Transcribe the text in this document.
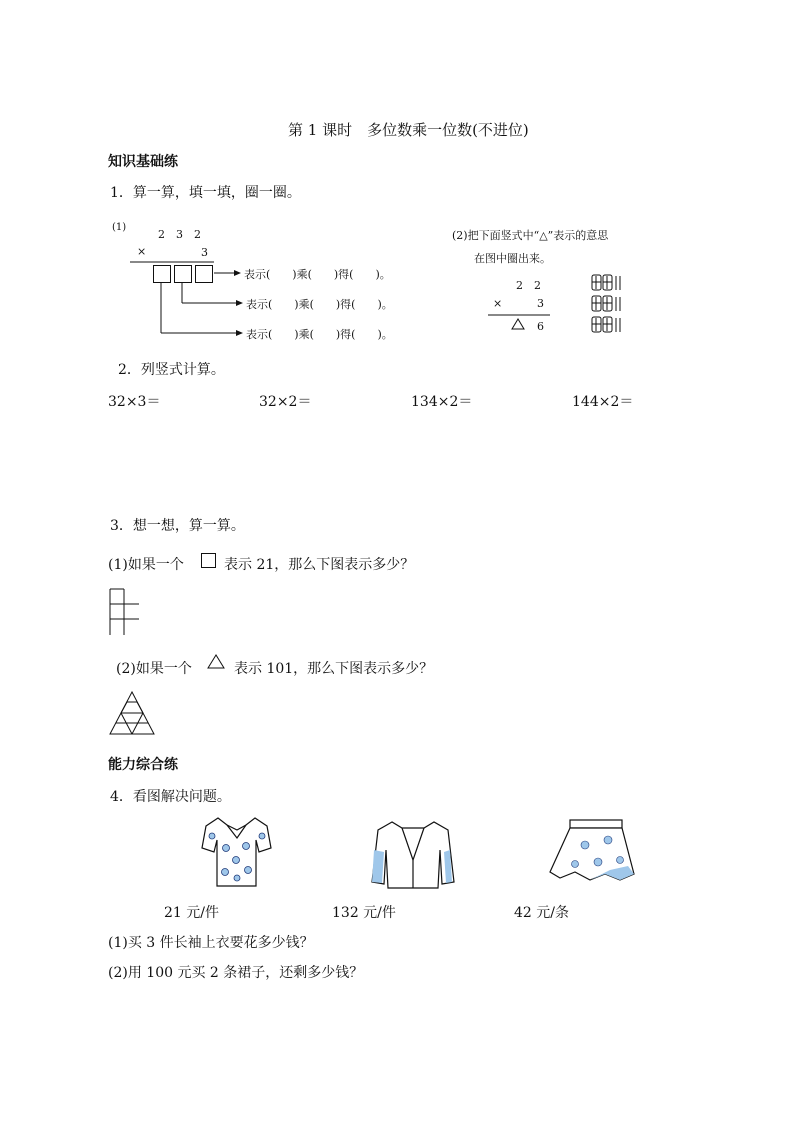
第 1 课时　多位数乘一位数(不进位)
知识基础练
1．算一算，填一填，圈一圈。
(1)
2　3　2
×	3
表示(　　)乘(　　)得(　　)。
表示(　　)乘(　　)得(　　)。
表示(　　)乘(　　)得(　　)。
(2)把下面竖式中“△”表示的意思
在图中圈出来。
2　2
×	3
6
2．列竖式计算。
32×3＝	32×2＝	134×2＝	144×2＝
3．想一想，算一算。
(1)如果一个	表示 21，那么下图表示多少？
(2)如果一个	表示 101，那么下图表示多少？
能力综合练
4．看图解决问题。
21 元/件	132 元/件	42 元/条
(1)买 3 件长袖上衣要花多少钱？
(2)用 100 元买 2 条裙子，还剩多少钱？
